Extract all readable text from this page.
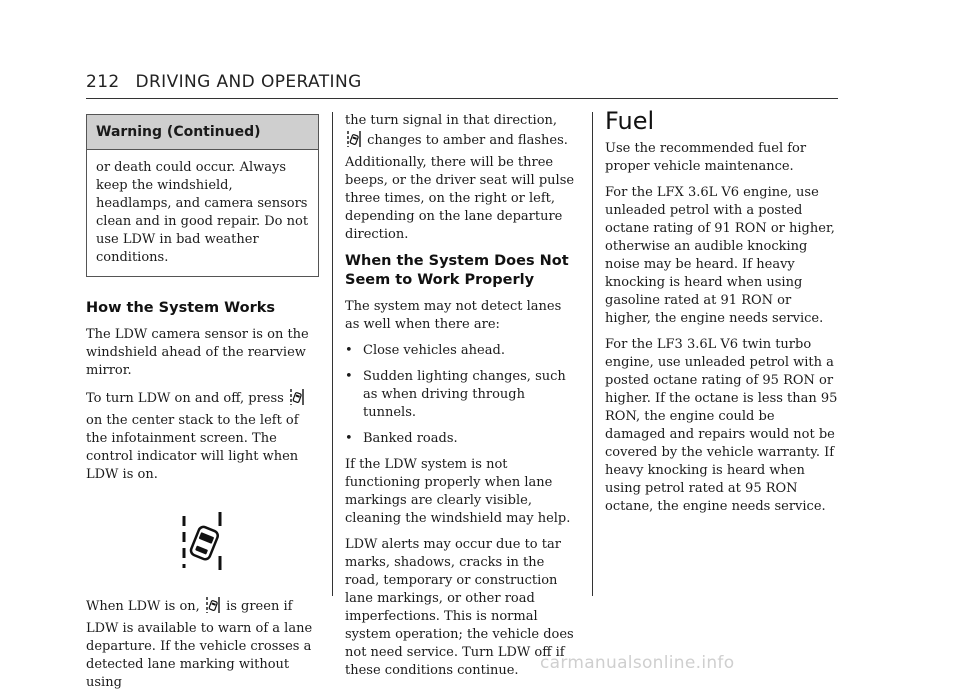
212 DRIVING AND OPERATING
Warning (Continued)
or death could occur. Always keep the windshield, headlamps, and camera sensors clean and in good repair. Do not use LDW in bad weather conditions.
How the System Works

The LDW camera sensor is on the windshield ahead of the rearview mirror.

To turn LDW on and off, press  on the center stack to the left of the infotainment screen. The control indicator will light when LDW is on.

When LDW is on, is green if LDW is available to warn of a lane departure. If the vehicle crosses a detected lane marking without using

the turn signal in that direction,  changes to amber and flashes. Additionally, there will be three beeps, or the driver seat will pulse three times, on the right or left, depending on the lane departure direction.

When the System Does Not Seem to Work Properly

The system may not detect lanes as well when there are:

• Close vehicles ahead.
• Sudden lighting changes, such as when driving through tunnels.
• Banked roads.

If the LDW system is not functioning properly when lane markings are clearly visible, cleaning the windshield may help.

LDW alerts may occur due to tar marks, shadows, cracks in the road, temporary or construction lane markings, or other road imperfections. This is normal system operation; the vehicle does not need service. Turn LDW off if these conditions continue.

Fuel

Use the recommended fuel for proper vehicle maintenance.

For the LFX 3.6L V6 engine, use unleaded petrol with a posted octane rating of 91 RON or higher, otherwise an audible knocking noise may be heard. If heavy knocking is heard when using gasoline rated at 91 RON or higher, the engine needs service.

For the LF3 3.6L V6 twin turbo engine, use unleaded petrol with a posted octane rating of 95 RON or higher. If the octane is less than 95 RON, the engine could be damaged and repairs would not be covered by the vehicle warranty. If heavy knocking is heard when using petrol rated at 95 RON octane, the engine needs service.

carmanualsonline.info
